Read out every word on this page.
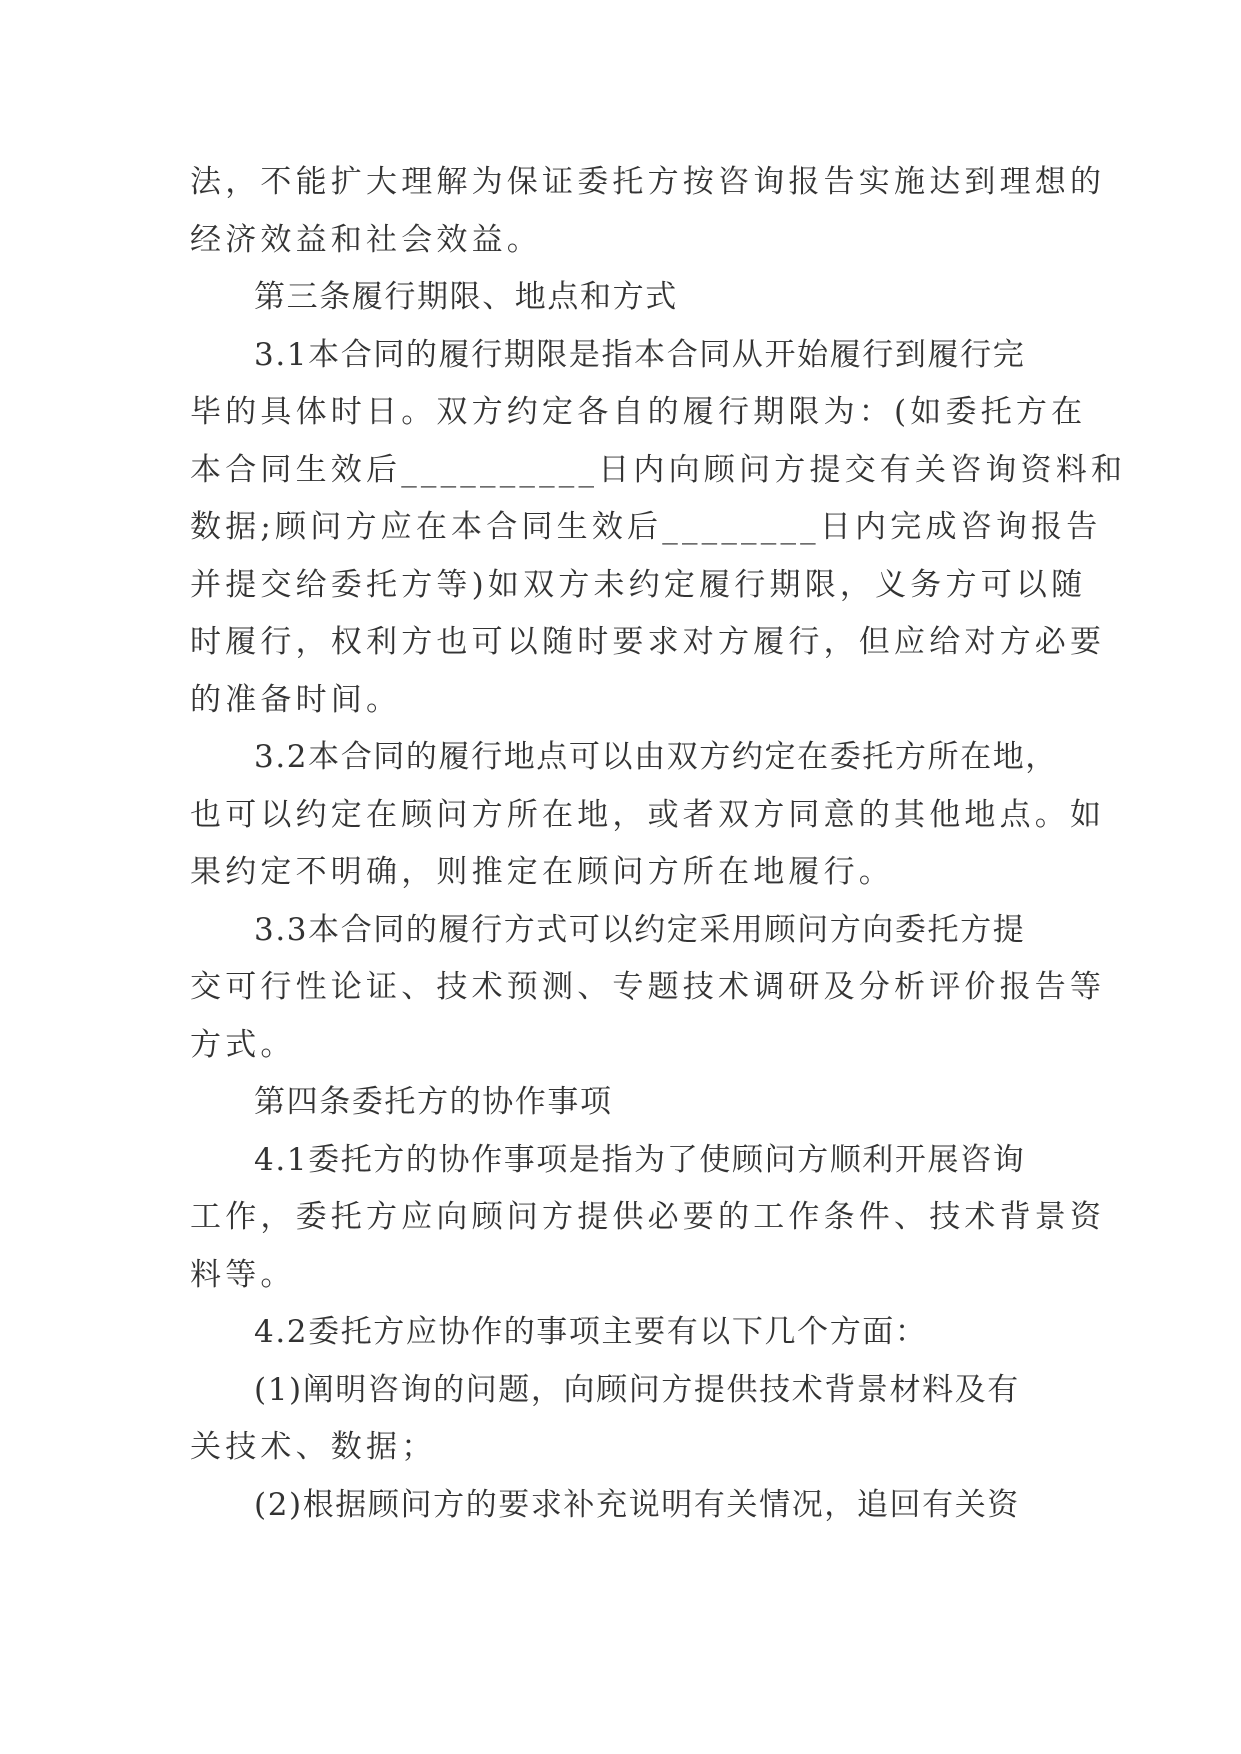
法，不能扩大理解为保证委托方按咨询报告实施达到理想的
经济效益和社会效益。
第三条履行期限、地点和方式
3.1本合同的履行期限是指本合同从开始履行到履行完
毕的具体时日。双方约定各自的履行期限为：(如委托方在
本合同生效后__________日内向顾问方提交有关咨询资料和
数据;顾问方应在本合同生效后________日内完成咨询报告
并提交给委托方等)如双方未约定履行期限，义务方可以随
时履行，权利方也可以随时要求对方履行，但应给对方必要
的准备时间。
3.2本合同的履行地点可以由双方约定在委托方所在地，
也可以约定在顾问方所在地，或者双方同意的其他地点。如
果约定不明确，则推定在顾问方所在地履行。
3.3本合同的履行方式可以约定采用顾问方向委托方提
交可行性论证、技术预测、专题技术调研及分析评价报告等
方式。
第四条委托方的协作事项
4.1委托方的协作事项是指为了使顾问方顺利开展咨询
工作，委托方应向顾问方提供必要的工作条件、技术背景资
料等。
4.2委托方应协作的事项主要有以下几个方面：
(1)阐明咨询的问题，向顾问方提供技术背景材料及有
关技术、数据；
(2)根据顾问方的要求补充说明有关情况，追回有关资
